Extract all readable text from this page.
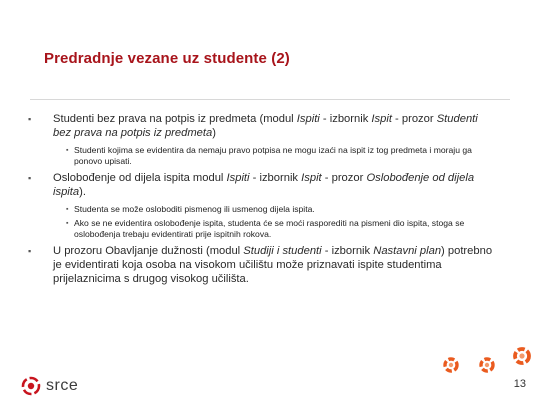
Predradnje vezane uz studente (2)
▪ Studenti bez prava na potpis iz predmeta (modul Ispiti - izbornik Ispit - prozor Studenti bez prava na potpis iz predmeta)
▪ Studenti kojima se evidentira da nemaju pravo potpisa ne mogu izaći na ispit iz tog predmeta i moraju ga ponovo upisati.
▪ Oslobođenje od dijela ispita modul Ispiti - izbornik Ispit - prozor Oslobođenje od dijela ispita).
▪ Studenta se može osloboditi pismenog ili usmenog dijela ispita.
▪ Ako se ne evidentira oslobođenje ispita, studenta će se moći rasporediti na pismeni dio ispita, stoga se oslobođenja trebaju evidentirati prije ispitnih rokova.
▪ U prozoru Obavljanje dužnosti (modul Studiji i studenti - izbornik Nastavni plan) potrebno je evidentirati koja osoba na visokom učilištu može priznavati ispite studentima prijelaznicima s drugog visokog učilišta.
srce	13
